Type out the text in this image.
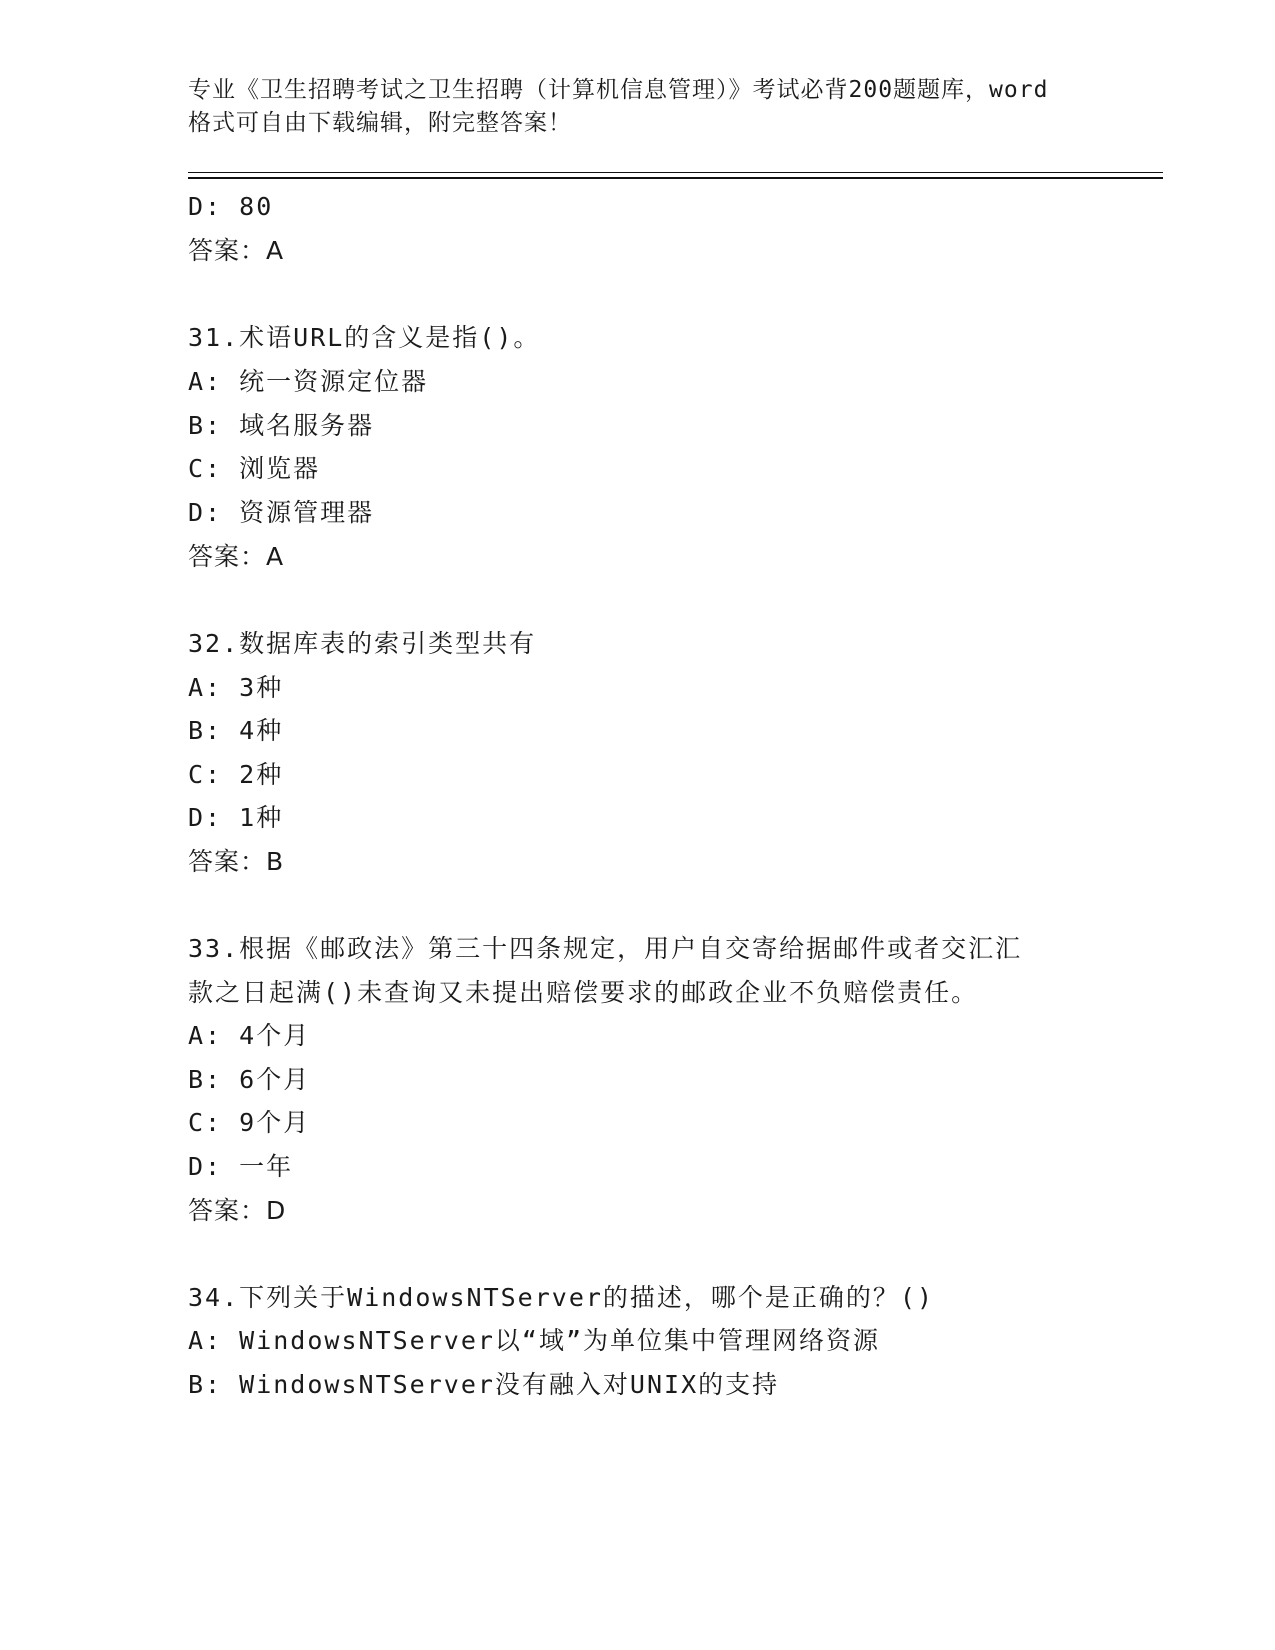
专业《卫生招聘考试之卫生招聘（计算机信息管理）》考试必背200题题库，word
格式可自由下载编辑，附完整答案！
D: 80
答案：A
31.术语URL的含义是指()。
A: 统一资源定位器
B: 域名服务器
C: 浏览器
D: 资源管理器
答案：A
32.数据库表的索引类型共有
A: 3种
B: 4种
C: 2种
D: 1种
答案：B
33.根据《邮政法》第三十四条规定，用户自交寄给据邮件或者交汇汇
款之日起满()未查询又未提出赔偿要求的邮政企业不负赔偿责任。
A: 4个月
B: 6个月
C: 9个月
D: 一年
答案：D
34.下列关于WindowsNTServer的描述，哪个是正确的？()
A: WindowsNTServer以“域”为单位集中管理网络资源
B: WindowsNTServer没有融入对UNIX的支持
